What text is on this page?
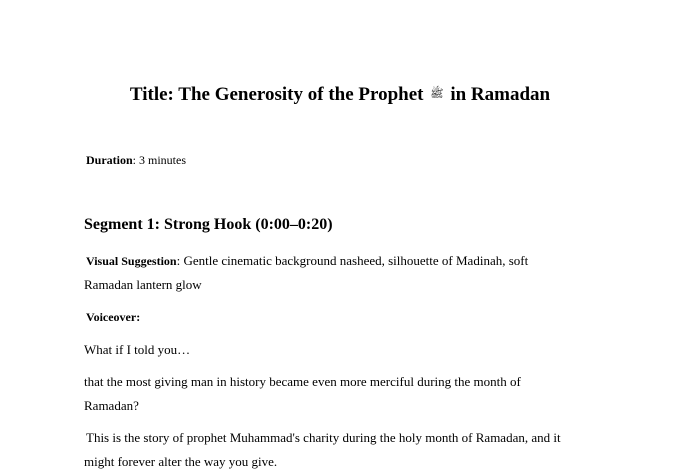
Title: The Generosity of the Prophet ﷺ in Ramadan
Duration: 3 minutes
Segment 1: Strong Hook (0:00–0:20)
Visual Suggestion: Gentle cinematic background nasheed, silhouette of Madinah, soft
Ramadan lantern glow
Voiceover:
What if I told you…
that the most giving man in history became even more merciful during the month of
Ramadan?
This is the story of prophet Muhammad's charity during the holy month of Ramadan, and it
might forever alter the way you give.
